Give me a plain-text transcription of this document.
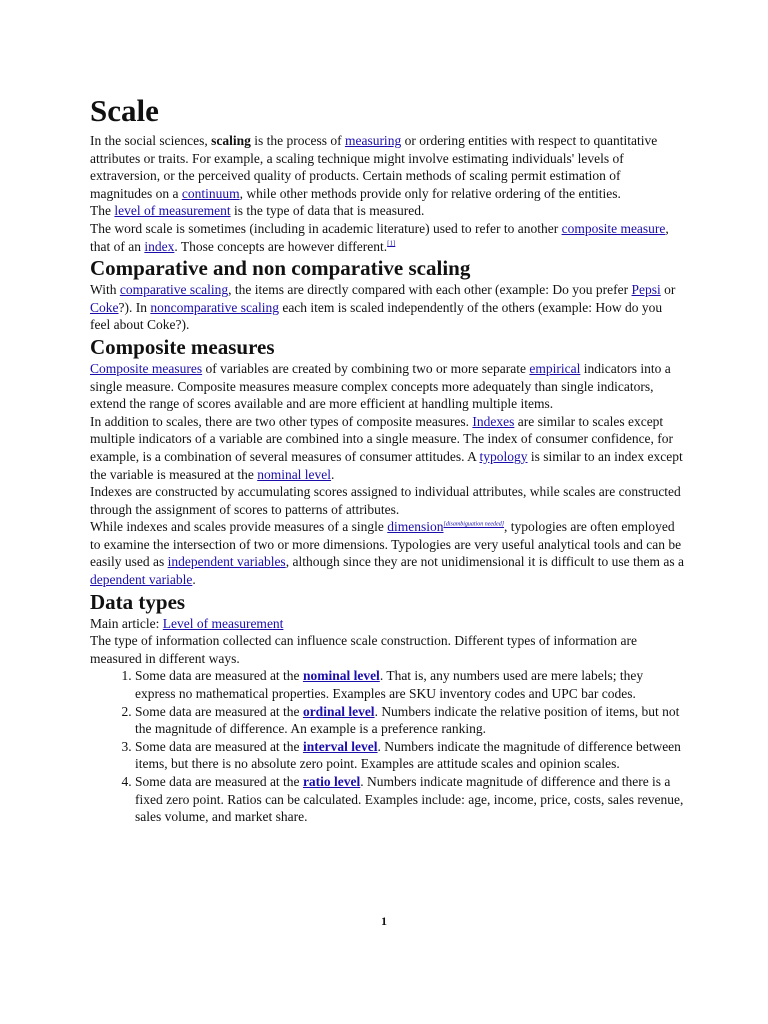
Scale

In the social sciences, scaling is the process of measuring or ordering entities with respect to quantitative attributes or traits. For example, a scaling technique might involve estimating individuals' levels of extraversion, or the perceived quality of products. Certain methods of scaling permit estimation of magnitudes on a continuum, while other methods provide only for relative ordering of the entities.

The level of measurement is the type of data that is measured.

The word scale is sometimes (including in academic literature) used to refer to another composite measure, that of an index. Those concepts are however different.[1]

Comparative and non comparative scaling

With comparative scaling, the items are directly compared with each other (example: Do you prefer Pepsi or Coke?). In noncomparative scaling each item is scaled independently of the others (example: How do you feel about Coke?).

Composite measures

Composite measures of variables are created by combining two or more separate empirical indicators into a single measure. Composite measures measure complex concepts more adequately than single indicators, extend the range of scores available and are more efficient at handling multiple items.

In addition to scales, there are two other types of composite measures. Indexes are similar to scales except multiple indicators of a variable are combined into a single measure. The index of consumer confidence, for example, is a combination of several measures of consumer attitudes. A typology is similar to an index except the variable is measured at the nominal level.

Indexes are constructed by accumulating scores assigned to individual attributes, while scales are constructed through the assignment of scores to patterns of attributes.

While indexes and scales provide measures of a single dimension[disambiguation needed], typologies are often employed to examine the intersection of two or more dimensions. Typologies are very useful analytical tools and can be easily used as independent variables, although since they are not unidimensional it is difficult to use them as a dependent variable.

Data types

Main article: Level of measurement

The type of information collected can influence scale construction. Different types of information are measured in different ways.

1. Some data are measured at the nominal level. That is, any numbers used are mere labels; they express no mathematical properties. Examples are SKU inventory codes and UPC bar codes.
2. Some data are measured at the ordinal level. Numbers indicate the relative position of items, but not the magnitude of difference. An example is a preference ranking.
3. Some data are measured at the interval level. Numbers indicate the magnitude of difference between items, but there is no absolute zero point. Examples are attitude scales and opinion scales.
4. Some data are measured at the ratio level. Numbers indicate magnitude of difference and there is a fixed zero point. Ratios can be calculated. Examples include: age, income, price, costs, sales revenue, sales volume, and market share.
1
